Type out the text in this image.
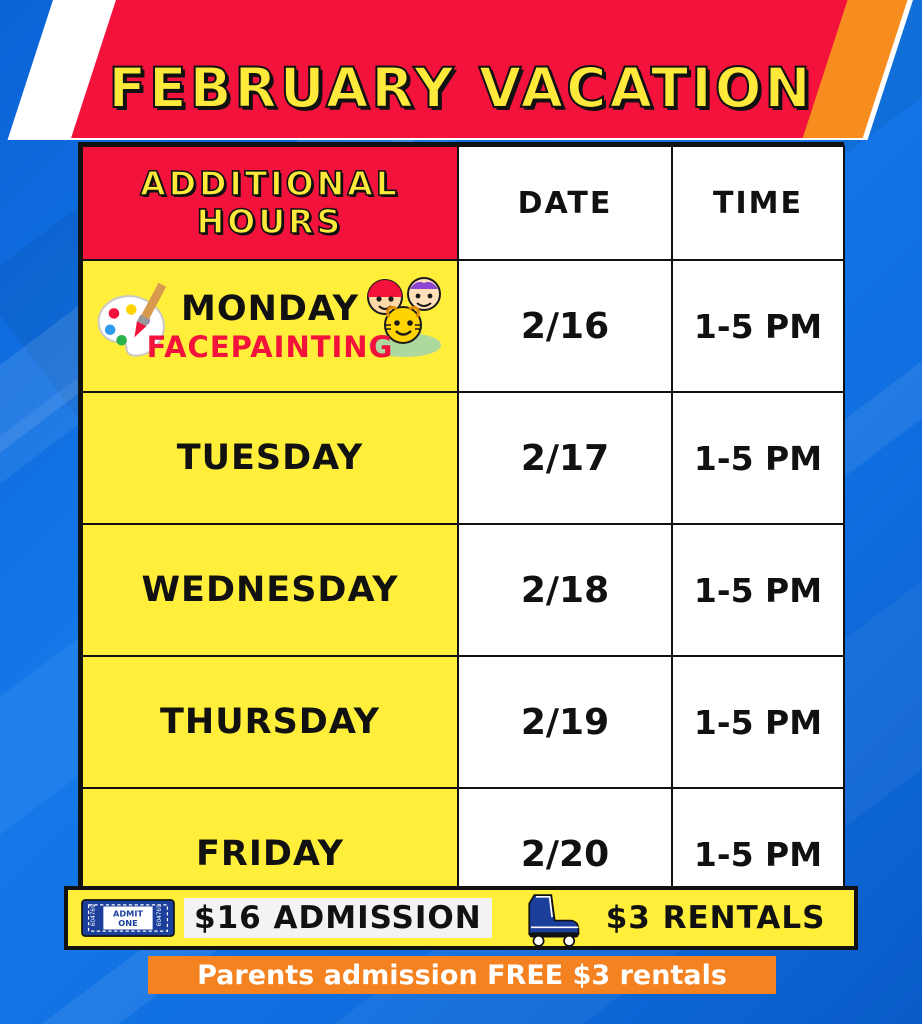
FEBRUARY VACATION
ADDITIONAL
HOURS	DATE	TIME

MONDAY
FACEPAINTING	2/16	1-5 PM
TUESDAY	2/17	1-5 PM
WEDNESDAY	2/18	1-5 PM
THURSDAY	2/19	1-5 PM
FRIDAY	2/20	1-5 PM
ADMIT
ONE
604769	604769	$16 ADMISSION	$3 RENTALS
Parents admission FREE $3 rentals
